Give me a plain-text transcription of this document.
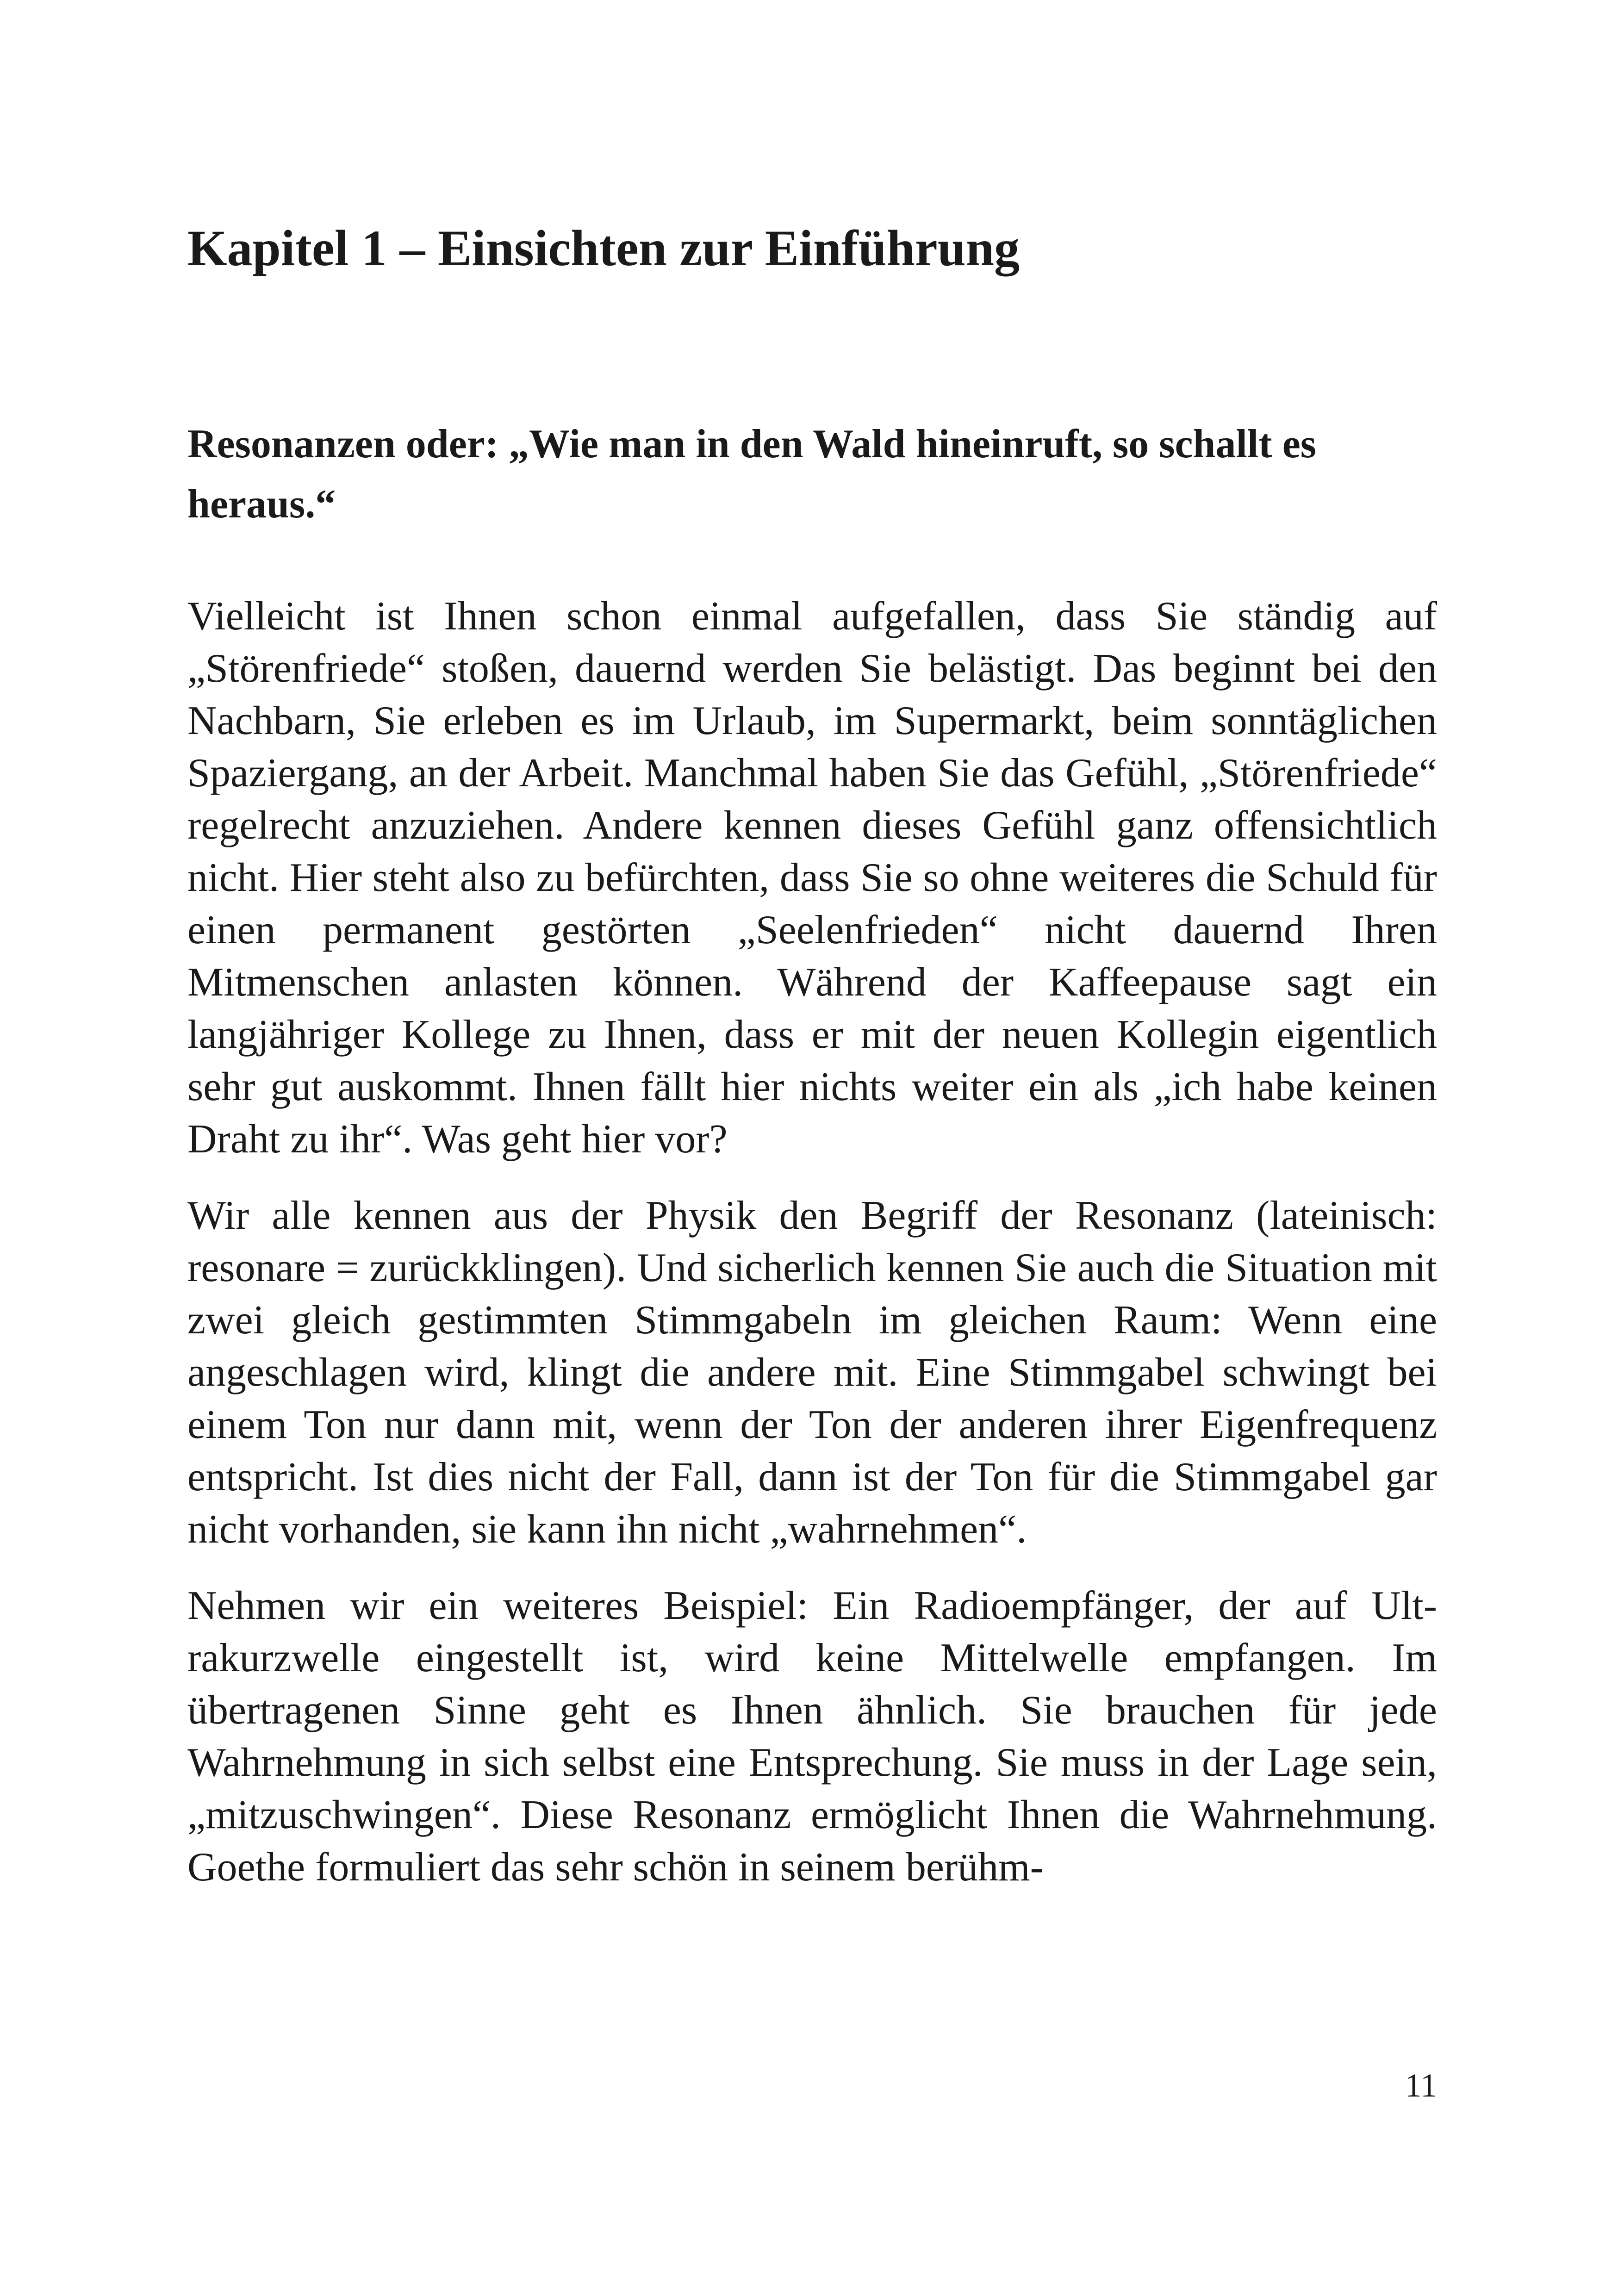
Kapitel 1 – Einsichten zur Einführung
Resonanzen oder: „Wie man in den Wald hineinruft, so schallt es heraus.“

Vielleicht ist Ihnen schon einmal aufgefallen, dass Sie ständig auf „Störenfriede“ stoßen, dauernd werden Sie belästigt. Das beginnt bei den Nachbarn, Sie erleben es im Urlaub, im Supermarkt, beim sonntäglichen Spaziergang, an der Arbeit. Manchmal haben Sie das Gefühl, „Störenfriede“ regelrecht anzuziehen. Andere kennen dieses Gefühl ganz offensichtlich nicht. Hier steht also zu befürchten, dass Sie so ohne weiteres die Schuld für einen permanent gestörten „Seelenfrieden“ nicht dauernd Ihren Mitmenschen anlasten können. Während der Kaffeepause sagt ein langjähriger Kollege zu Ihnen, dass er mit der neuen Kollegin eigentlich sehr gut auskommt. Ihnen fällt hier nichts weiter ein als „ich habe keinen Draht zu ihr“. Was geht hier vor?

Wir alle kennen aus der Physik den Begriff der Resonanz (lateinisch: resonare = zurückklingen). Und sicherlich kennen Sie auch die Situation mit zwei gleich gestimmten Stimmgabeln im gleichen Raum: Wenn eine angeschlagen wird, klingt die andere mit. Eine Stimmgabel schwingt bei einem Ton nur dann mit, wenn der Ton der anderen ihrer Eigenfrequenz entspricht. Ist dies nicht der Fall, dann ist der Ton für die Stimmgabel gar nicht vorhanden, sie kann ihn nicht „wahrnehmen“.

Nehmen wir ein weiteres Beispiel: Ein Radioempfänger, der auf Ultrakurzwelle eingestellt ist, wird keine Mittelwelle empfangen. Im übertragenen Sinne geht es Ihnen ähnlich. Sie brauchen für jede Wahrnehmung in sich selbst eine Entsprechung. Sie muss in der Lage sein, „mitzuschwingen“. Diese Resonanz ermöglicht Ihnen die Wahrnehmung. Goethe formuliert das sehr schön in seinem berühm-

11
